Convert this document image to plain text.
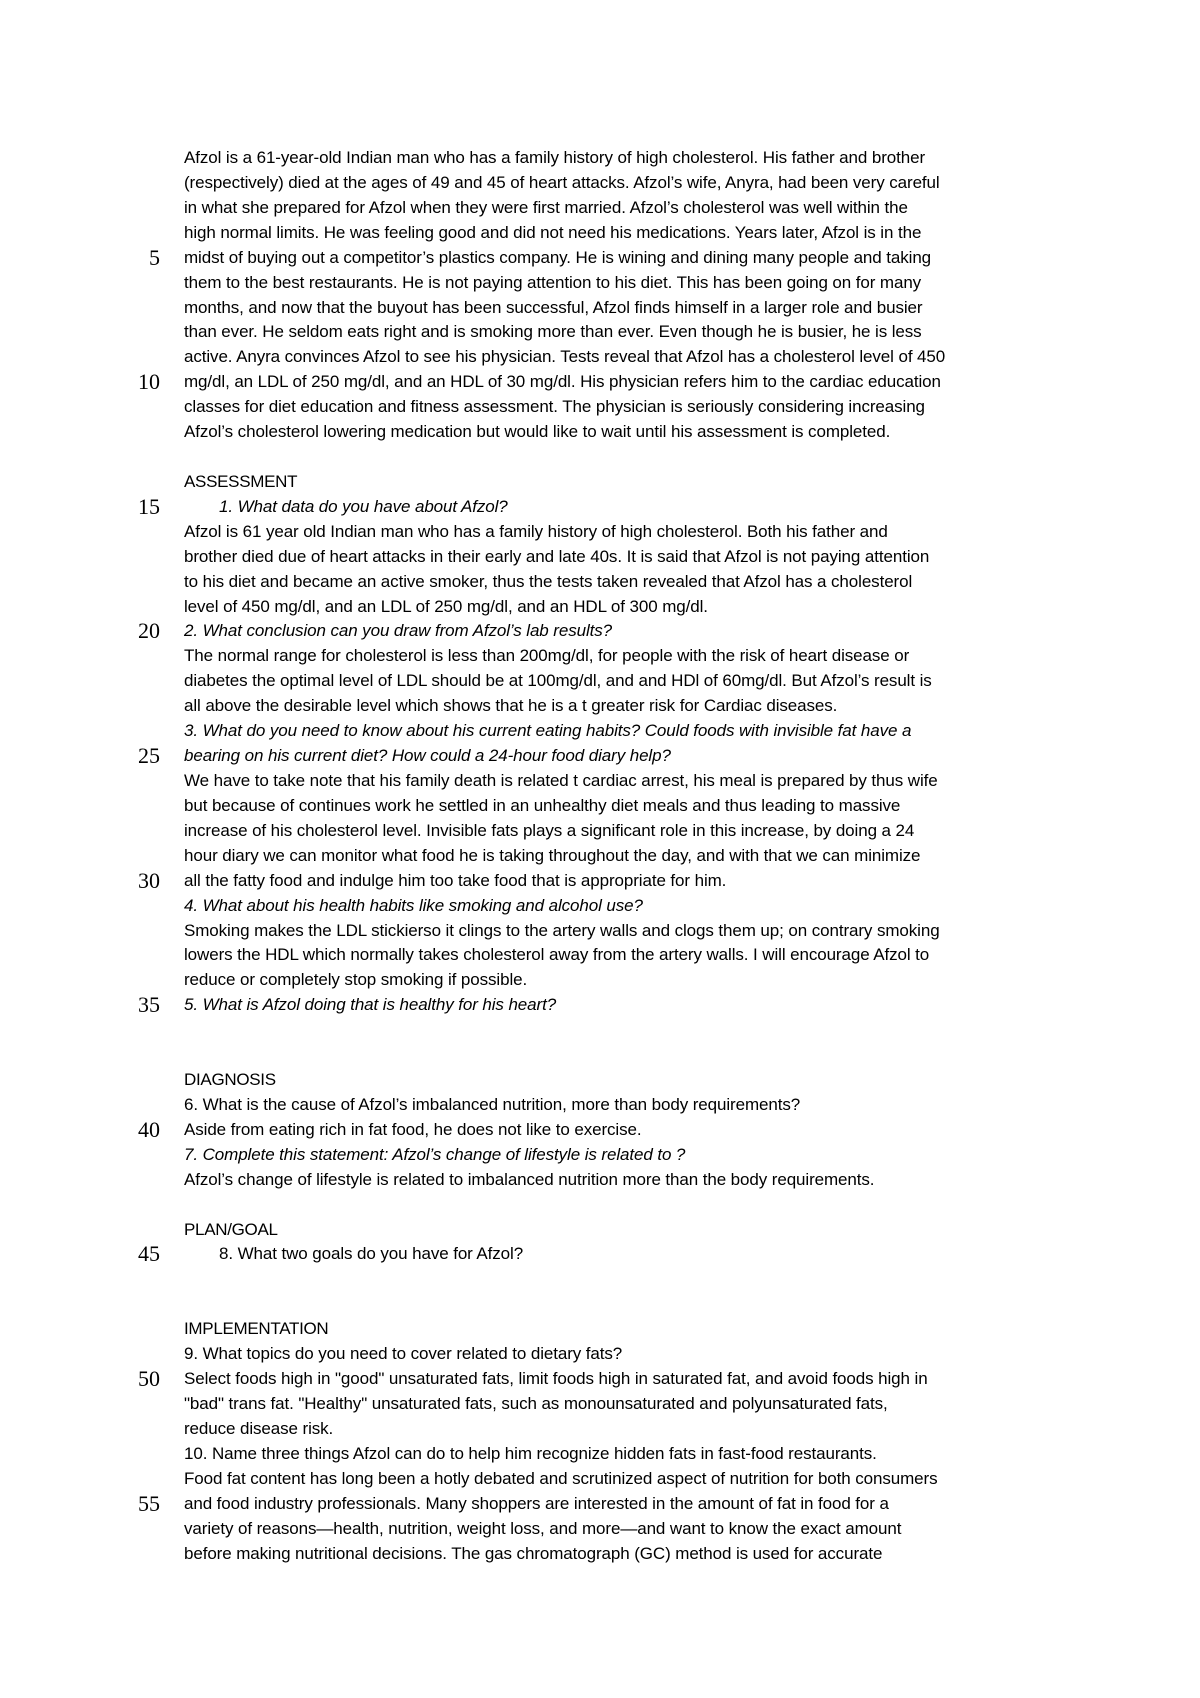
Afzol is a 61-year-old Indian man who has a family history of high cholesterol. His father and brother
(respectively) died at the ages of 49 and 45 of heart attacks. Afzol’s wife, Anyra, had been very careful
in what she prepared for Afzol when they were first married. Afzol’s cholesterol was well within the
high normal limits. He was feeling good and did not need his medications. Years later, Afzol is in the
midst of buying out a competitor’s plastics company. He is wining and dining many people and taking
them to the best restaurants. He is not paying attention to his diet. This has been going on for many
months, and now that the buyout has been successful, Afzol finds himself in a larger role and busier
than ever. He seldom eats right and is smoking more than ever. Even though he is busier, he is less
active. Anyra convinces Afzol to see his physician. Tests reveal that Afzol has a cholesterol level of 450
mg/dl, an LDL of 250 mg/dl, and an HDL of 30 mg/dl. His physician refers him to the cardiac education
classes for diet education and fitness assessment. The physician is seriously considering increasing
Afzol’s cholesterol lowering medication but would like to wait until his assessment is completed.
ASSESSMENT
1. What data do you have about Afzol?
Afzol is 61 year old Indian man who has a family history of high cholesterol. Both his father and
brother died due of heart attacks in their early and late 40s. It is said that Afzol is not paying attention
to his diet and became an active smoker, thus the tests taken revealed that Afzol has a cholesterol
level of 450 mg/dl, and an LDL of 250 mg/dl, and an HDL of 300 mg/dl.
2. What conclusion can you draw from Afzol’s lab results?
The normal range for cholesterol is less than 200mg/dl, for people with the risk of heart disease or
diabetes the optimal level of LDL should be at 100mg/dl, and and HDl of 60mg/dl. But Afzol’s result is
all above the desirable level which shows that he is a t greater risk for Cardiac diseases.
3. What do you need to know about his current eating habits? Could foods with invisible fat have a
bearing on his current diet? How could a 24-hour food diary help?
We have to take note that his family death is related t cardiac arrest, his meal is prepared by thus wife
but because of continues work he settled in an unhealthy diet meals and thus leading to massive
increase of his cholesterol level. Invisible fats plays a significant role in this increase, by doing a 24
hour diary we can monitor what food he is taking throughout the day, and with that we can minimize
all the fatty food and indulge him too take food that is appropriate for him.
4. What about his health habits like smoking and alcohol use?
Smoking makes the LDL stickierso it clings to the artery walls and clogs them up; on contrary smoking
lowers the HDL which normally takes cholesterol away from the artery walls. I will encourage Afzol to
reduce or completely stop smoking if possible.
5. What is Afzol doing that is healthy for his heart?
DIAGNOSIS
6. What is the cause of Afzol’s imbalanced nutrition, more than body requirements?
Aside from eating rich in fat food, he does not like to exercise.
7. Complete this statement: Afzol’s change of lifestyle is related to ?
Afzol’s change of lifestyle is related to imbalanced nutrition more than the body requirements.
PLAN/GOAL
8. What two goals do you have for Afzol?
IMPLEMENTATION
9. What topics do you need to cover related to dietary fats?
Select foods high in "good" unsaturated fats, limit foods high in saturated fat, and avoid foods high in
"bad" trans fat. "Healthy" unsaturated fats, such as monounsaturated and polyunsaturated fats,
reduce disease risk.
10. Name three things Afzol can do to help him recognize hidden fats in fast-food restaurants.
Food fat content has long been a hotly debated and scrutinized aspect of nutrition for both consumers
and food industry professionals. Many shoppers are interested in the amount of fat in food for a
variety of reasons—health, nutrition, weight loss, and more—and want to know the exact amount
before making nutritional decisions. The gas chromatograph (GC) method is used for accurate
5
10
15
20
25
30
35
40
45
50
55
